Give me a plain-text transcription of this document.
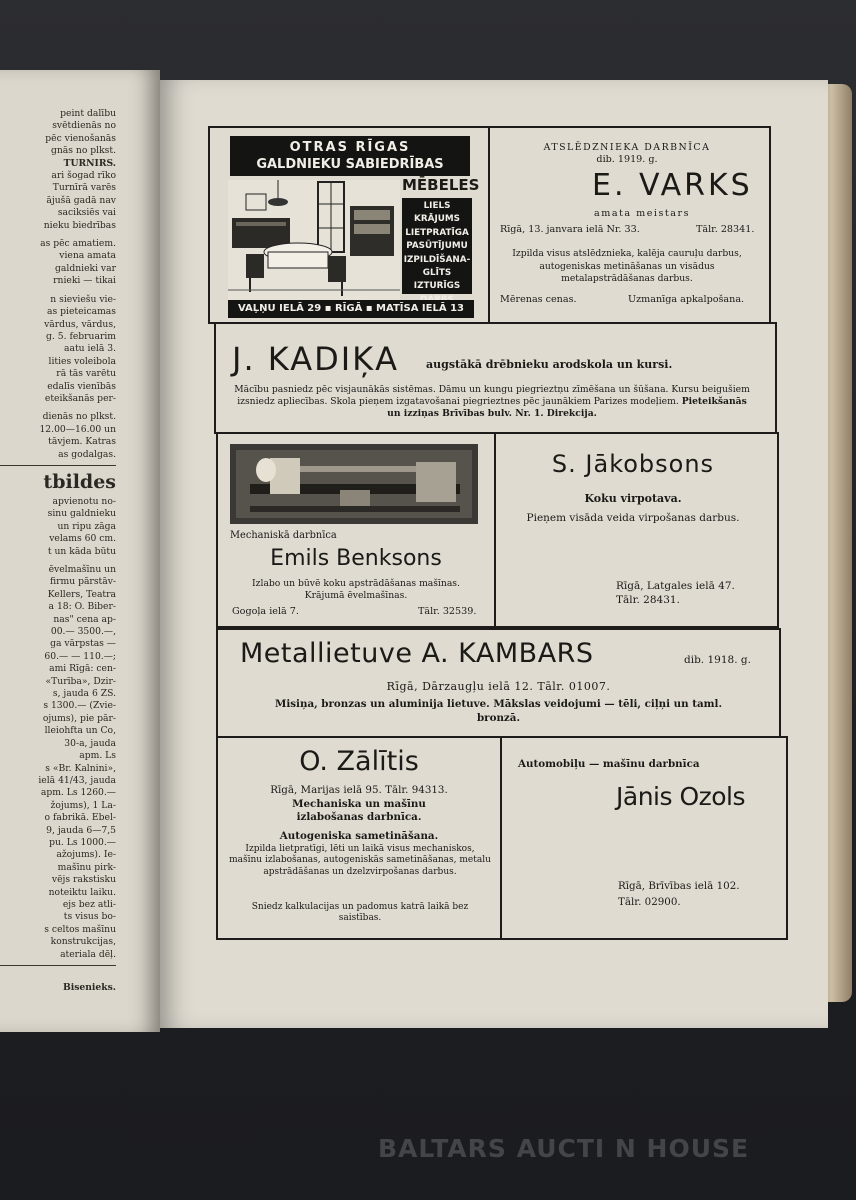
peint dalību
svētdienās no
pēc vienošanās
gnās no plkst.
TURNIRS.
ari šogad rīko
Turnīrā varēs
ājušā gadā nav
saciksiēs vai
nieku biedrības
as pēc amatiem.
viena amata
galdnieki var
rnieki — tikai
n sieviešu vie-
as pieteicamas
vārdus, vārdus,
g. 5. februarim
aatu ielā 3.
lities voleibola
rā tās varētu
edalīs vienībās
eteikšanās per-
dienās no plkst.
12.00—16.00 un
tāvjem. Katras
as godalgas.
tbildes
apvienotu no-
sinu galdnieku
un ripu zāga
velams 60 cm.
t un kāda būtu
ēvelmašīnu un
firmu pārstāv-
Kellers, Teatra
a 18: O. Biber-
nas" cena ap-
00.— 3500.—,
ga vārpstas —
60.— — 110.—;
ami Rīgā: cen-
«Turība», Dzir-
s, jauda 6 ZS.
s 1300.— (Zvie-
ojums), pie pār-
lleiohfta un Co,
30-a, jauda
apm. Ls
s «Br. Kalnini»,
ielā 41/43, jauda
apm. Ls 1260.—
žojums), 1 La-
o fabrikā. Ebel-
9, jauda 6—7,5
pu. Ls 1000.—
ažojums). Ie-
mašīnu pirk-
vējs rakstisku
noteiktu laiku.
ejs bez atli-
ts visus bo-
s celtos mašīnu
konstrukcijas,
ateriala dēļ.
Bisenieks.
OTRAS RĪGAS
GALDNIEKU SABIEDRĪBAS
MĒBELES
LIELS KRĀJUMS
LIETPRATĪGA
PASŪTĪJUMU
IZPILDĪŠANA-
GLĪTS
IZTURĪGS
VAĻŅU IELĀ 29 ▪ RĪGĀ ▪ MATĪSA IELĀ 13
ATSLĒDZNIEKA DARBNĪCA
dib. 1919. g.
E. VARKS
amata meistars
Rīgā, 13. janvara ielā Nr. 33.	Tālr. 28341.
Izpilda visus atslēdznieka, kalēja cauruļu darbus, autogeniskas metināšanas un visādus metalapstrādāšanas darbus.
Mērenas cenas.	Uzmanīga apkalpošana.
J. KADIĶA augstākā drēbnieku arodskola un kursi.
Mācību pasniedz pēc visjaunākās sistēmas. Dāmu un kungu piegrieztņu zīmēšana un šūšana. Kursu beigušiem izsniedz apliecības. Skola pieņem izgatavošanai piegrieztnes pēc jaunākiem Parizes modeļiem. Pieteikšanās un izziņas Brīvības bulv. Nr. 1. Direkcija.
Mechaniskā darbnīca
Emils Benksons
Izlabo un būvē koku apstrādāšanas mašīnas.
Krājumā ēvelmašīnas.
Gogoļa ielā 7.	Tālr. 32539.
S. Jākobsons
Koku virpotava.
Pieņem visāda veida virpošanas darbus.
Rīgā, Latgales ielā 47.
Tālr. 28431.
Metallietuve A. KAMBARS	dib. 1918. g.
Rīgā, Dārzaugļu ielā 12. Tālr. 01007.
Misiņa, bronzas un aluminija lietuve. Mākslas veidojumi — tēli, ciļņi un taml.
bronzā.
O. Zālītis
Rīgā, Marijas ielā 95. Tālr. 94313.
Mechaniska un mašīnu izlabošanas darbnīca.
Autogeniska sametināšana.
Izpilda lietpratīgi, lēti un laikā visus mechaniskos, mašīnu izlabošanas, autogeniskās sametināšanas, metalu apstrādāšanas un dzelzvirpošanas darbus.
Sniedz kalkulacijas un padomus katrā laikā bez saistības.
Automobiļu — mašīnu darbnīca
Jānis Ozols
Rīgā, Brīvības ielā 102.
Tālr. 02900.
BALTARS AUCTI N HOUSE
